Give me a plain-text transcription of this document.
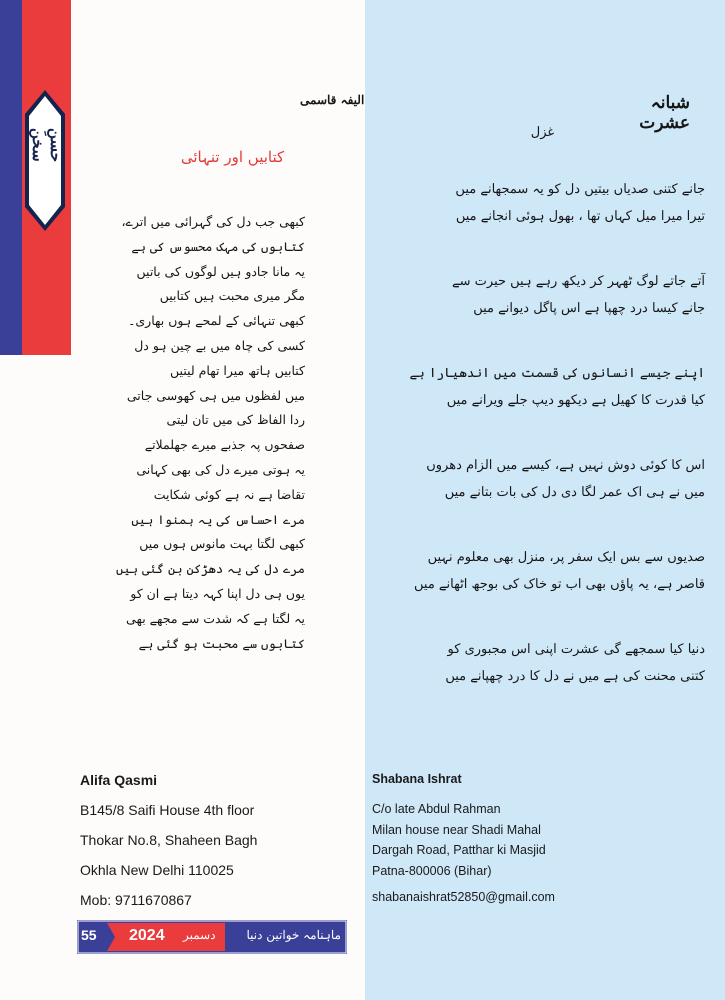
حسنِ سخن
الیفہ قاسمی
کتابیں اور تنہائی
کبھی جب دل کی گہرائی میں اترے،
کتابوں کی مہک محسوس کی ہے
یہ مانا جادو ہیں لوگوں کی باتیں
مگر میری محبت ہیں کتابیں
کبھی تنہائی کے لمحے ہوں بھاری۔
کسی کی چاہ میں بے چین ہو دل
کتابیں ہاتھ میرا تھام لیتیں
میں لفظوں میں ہی کھوسی جاتی
ردا الفاظ کی میں تان لیتی
صفحوں پہ جذبے میرے جھلملاتے
یہ ہوتی میرے دل کی بھی کہانی
تقاضا ہے نہ ہے کوئی شکایت
مرے احساس کی یہ ہمنوا ہیں
کبھی لگتا بہت مانوس ہوں میں
مرے دل کی یہ دھڑکن بن گئی ہیں
یوں ہی دل اپنا کہہ دیتا ہے ان کو
یہ لگتا ہے کہ شدت سے مجھے بھی
کتابوں سے محبت ہو گئی ہے
شبانہ عشرت
غزل
جانے کتنی صدیاں بیتیں دل کو یہ سمجھانے میں
تیرا میرا میل کہاں تھا ، بھول ہوئی انجانے میں
آتے جاتے لوگ ٹھہر کر دیکھ رہے ہیں حیرت سے
جانے کیسا درد چھپا ہے اس پاگل دیوانے میں
اپنے جیسے انسانوں کی قسمت میں اندھیارا ہے
کیا قدرت کا کھیل ہے دیکھو دیپ جلے ویرانے میں
اس کا کوئی دوش نہیں ہے، کیسے میں الزام دھروں
میں نے ہی اک عمر لگا دی دل کی بات بتانے میں
صدیوں سے بس ایک سفر پر، منزل بھی معلوم نہیں
قاصر ہے، یہ پاؤں بھی اب تو خاک کی بوجھ اٹھانے میں
دنیا کیا سمجھے گی عشرت اپنی اس مجبوری کو
کتنی محنت کی ہے میں نے دل کا درد چھپانے میں
Alifa Qasmi
B145/8 Saifi House 4th floor
Thokar No.8, Shaheen Bagh
Okhla New Delhi 110025
Mob: 9711670867
Shabana Ishrat
C/o late Abdul Rahman
Milan house near Shadi Mahal
Dargah Road, Patthar ki Masjid
Patna-800006 (Bihar)
shabanaishrat52850@gmail.com
55	2024 دسمبر	ماہنامہ خواتین دنیا
